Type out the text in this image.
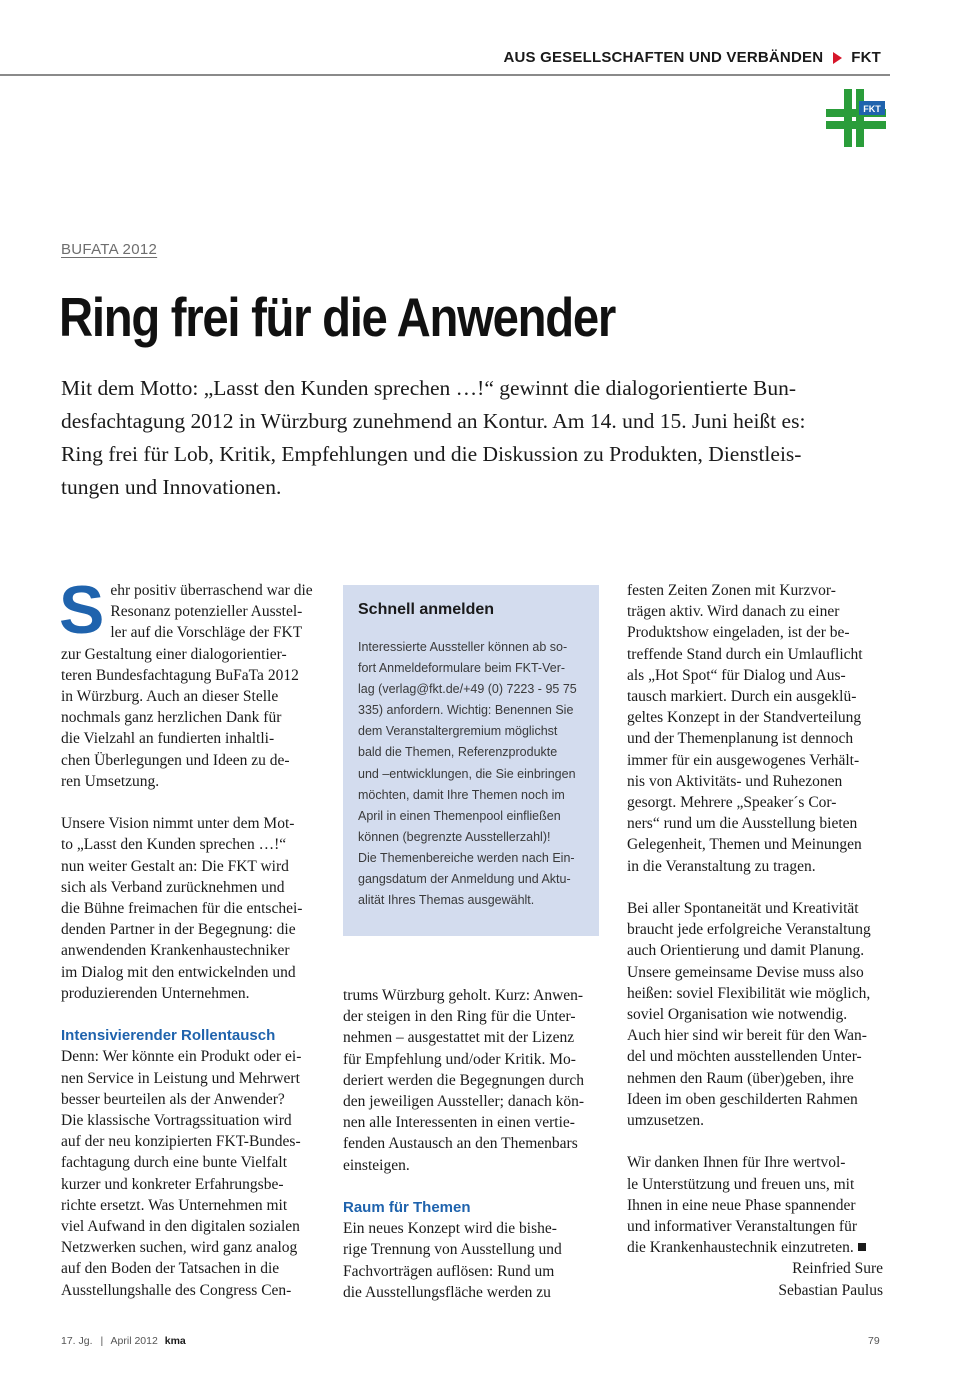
AUS GESELLSCHAFTEN UND VERBÄNDEN FKT
FKT
BUFATA 2012
Ring frei für die Anwender
Mit dem Motto: „Lasst den Kunden sprechen …!“ gewinnt die dialogorientierte Bun-
desfachtagung 2012 in Würzburg zunehmend an Kontur. Am 14. und 15. Juni heißt es:
Ring frei für Lob, Kritik, Empfehlungen und die Diskussion zu Produkten, Dienstleis-
tungen und Innovationen.
S ehr positiv überraschend war die
Resonanz potenzieller Ausstel-
ler auf die Vorschläge der FKT
zur Gestaltung einer dialogorientier-
teren Bundesfachtagung BuFaTa 2012
in Würzburg. Auch an dieser Stelle
nochmals ganz herzlichen Dank für
die Vielzahl an fundierten inhaltli-
chen Überlegungen und Ideen zu de-
ren Umsetzung.
Unsere Vision nimmt unter dem Mot-
to „Lasst den Kunden sprechen …!“
nun weiter Gestalt an: Die FKT wird
sich als Verband zurücknehmen und
die Bühne freimachen für die entschei-
denden Partner in der Begegnung: die
anwendenden Krankenhaustechniker
im Dialog mit den entwickelnden und
produzierenden Unternehmen.
Intensivierender Rollentausch
Denn: Wer könnte ein Produkt oder ei-
nen Service in Leistung und Mehrwert
besser beurteilen als der Anwender?
Die klassische Vortragssituation wird
auf der neu konzipierten FKT-Bundes-
fachtagung durch eine bunte Vielfalt
kurzer und konkreter Erfahrungsbe-
richte ersetzt. Was Unternehmen mit
viel Aufwand in den digitalen sozialen
Netzwerken suchen, wird ganz analog
auf den Boden der Tatsachen in die
Ausstellungshalle des Congress Cen-
Schnell anmelden
Interessierte Aussteller können ab so-
fort Anmeldeformulare beim FKT-Ver-
lag (verlag@fkt.de/+49 (0) 7223 - 95 75
335) anfordern. Wichtig: Benennen Sie
dem Veranstaltergremium möglichst
bald die Themen, Referenzprodukte
und –entwicklungen, die Sie einbringen
möchten, damit Ihre Themen noch im
April in einen Themenpool einfließen
können (begrenzte Ausstellerzahl)!
Die Themenbereiche werden nach Ein-
gangsdatum der Anmeldung und Aktu-
alität Ihres Themas ausgewählt.
trums Würzburg geholt. Kurz: Anwen-
der steigen in den Ring für die Unter-
nehmen – ausgestattet mit der Lizenz
für Empfehlung und/oder Kritik. Mo-
deriert werden die Begegnungen durch
den jeweiligen Aussteller; danach kön-
nen alle Interessenten in einen vertie-
fenden Austausch an den Themenbars
einsteigen.
Raum für Themen
Ein neues Konzept wird die bishe-
rige Trennung von Ausstellung und
Fachvorträgen auflösen: Rund um
die Ausstellungsfläche werden zu
festen Zeiten Zonen mit Kurzvor-
trägen aktiv. Wird danach zu einer
Produktshow eingeladen, ist der be-
treffende Stand durch ein Umlauflicht
als „Hot Spot“ für Dialog und Aus-
tausch markiert. Durch ein ausgeklü-
geltes Konzept in der Standverteilung
und der Themenplanung ist dennoch
immer für ein ausgewogenes Verhält-
nis von Aktivitäts- und Ruhezonen
gesorgt. Mehrere „Speaker´s Cor-
ners“ rund um die Ausstellung bieten
Gelegenheit, Themen und Meinungen
in die Veranstaltung zu tragen.
Bei aller Spontaneität und Kreativität
braucht jede erfolgreiche Veranstaltung
auch Orientierung und damit Planung.
Unsere gemeinsame Devise muss also
heißen: soviel Flexibilität wie möglich,
soviel Organisation wie notwendig.
Auch hier sind wir bereit für den Wan-
del und möchten ausstellenden Unter-
nehmen den Raum (über)geben, ihre
Ideen im oben geschilderten Rahmen
umzusetzen.
Wir danken Ihnen für Ihre wertvol-
le Unterstützung und freuen uns, mit
Ihnen in eine neue Phase spannender
und informativer Veranstaltungen für
die Krankenhaustechnik einzutreten.
Reinfried Sure
Sebastian Paulus
17. Jg. | April 2012 kma	79
